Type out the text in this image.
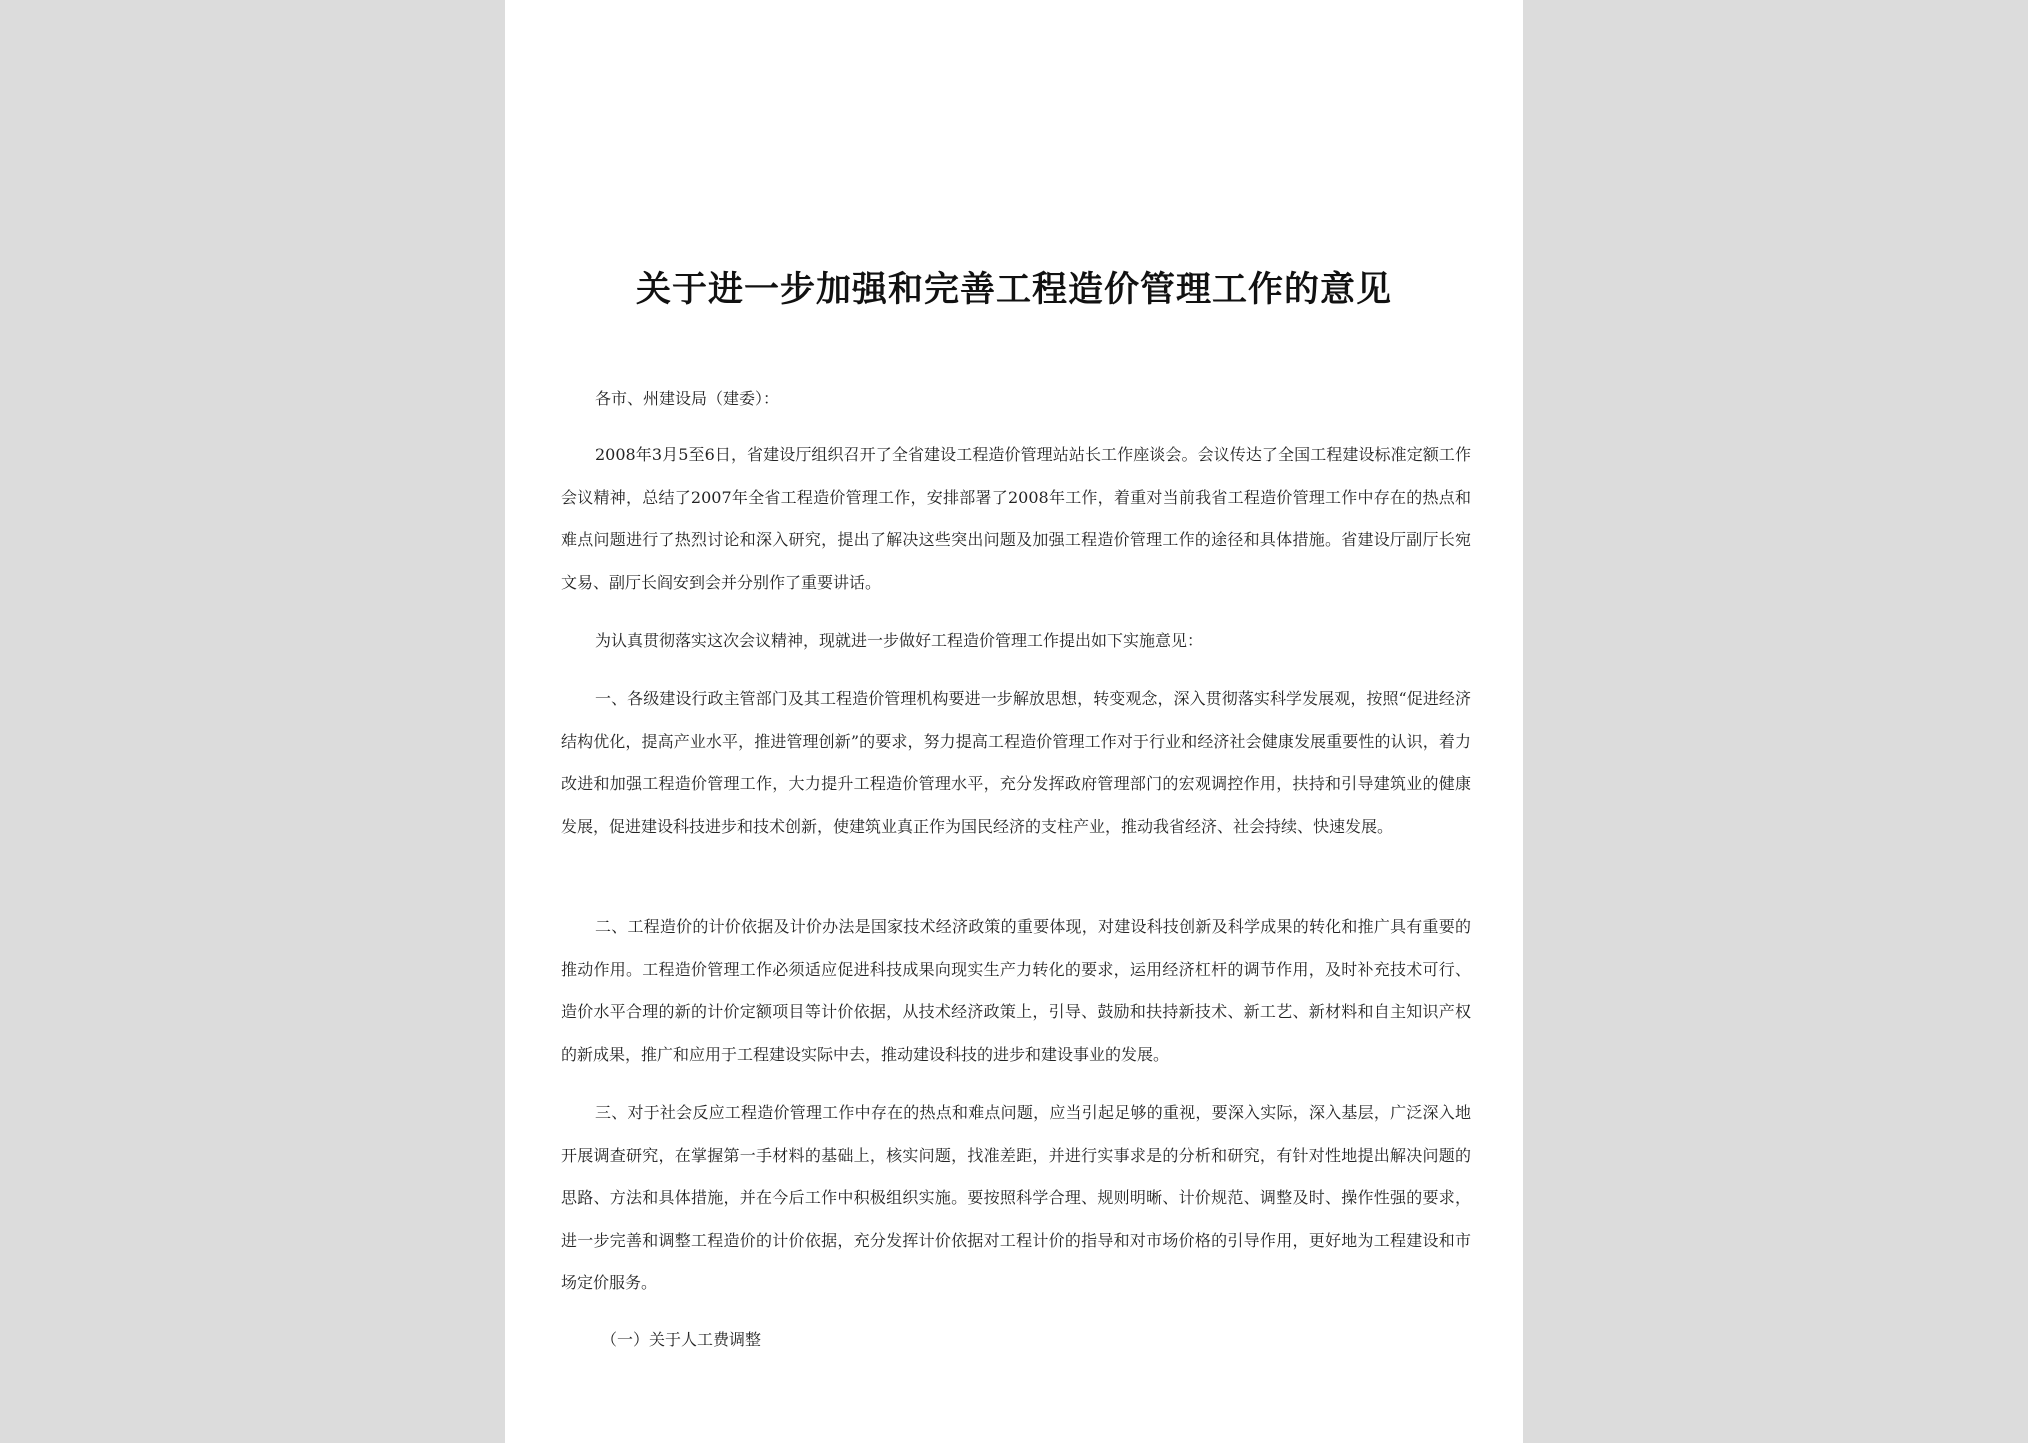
关于进一步加强和完善工程造价管理工作的意见
各市、州建设局（建委）：

2008年3月5至6日，省建设厅组织召开了全省建设工程造价管理站站长工作座谈会。会议传达了全国工程建设标准定额工作会议精神，总结了2007年全省工程造价管理工作，安排部署了2008年工作，着重对当前我省工程造价管理工作中存在的热点和难点问题进行了热烈讨论和深入研究，提出了解决这些突出问题及加强工程造价管理工作的途径和具体措施。省建设厅副厅长宛文易、副厅长阎安到会并分别作了重要讲话。

为认真贯彻落实这次会议精神，现就进一步做好工程造价管理工作提出如下实施意见：

一、各级建设行政主管部门及其工程造价管理机构要进一步解放思想，转变观念，深入贯彻落实科学发展观，按照“促进经济结构优化，提高产业水平，推进管理创新”的要求，努力提高工程造价管理工作对于行业和经济社会健康发展重要性的认识，着力改进和加强工程造价管理工作，大力提升工程造价管理水平，充分发挥政府管理部门的宏观调控作用，扶持和引导建筑业的健康发展，促进建设科技进步和技术创新，使建筑业真正作为国民经济的支柱产业，推动我省经济、社会持续、快速发展。

二、工程造价的计价依据及计价办法是国家技术经济政策的重要体现，对建设科技创新及科学成果的转化和推广具有重要的推动作用。工程造价管理工作必须适应促进科技成果向现实生产力转化的要求，运用经济杠杆的调节作用，及时补充技术可行、造价水平合理的新的计价定额项目等计价依据，从技术经济政策上，引导、鼓励和扶持新技术、新工艺、新材料和自主知识产权的新成果，推广和应用于工程建设实际中去，推动建设科技的进步和建设事业的发展。

三、对于社会反应工程造价管理工作中存在的热点和难点问题，应当引起足够的重视，要深入实际，深入基层，广泛深入地开展调查研究，在掌握第一手材料的基础上，核实问题，找准差距，并进行实事求是的分析和研究，有针对性地提出解决问题的思路、方法和具体措施，并在今后工作中积极组织实施。要按照科学合理、规则明晰、计价规范、调整及时、操作性强的要求，进一步完善和调整工程造价的计价依据，充分发挥计价依据对工程计价的指导和对市场价格的引导作用，更好地为工程建设和市场定价服务。

（一）关于人工费调整
